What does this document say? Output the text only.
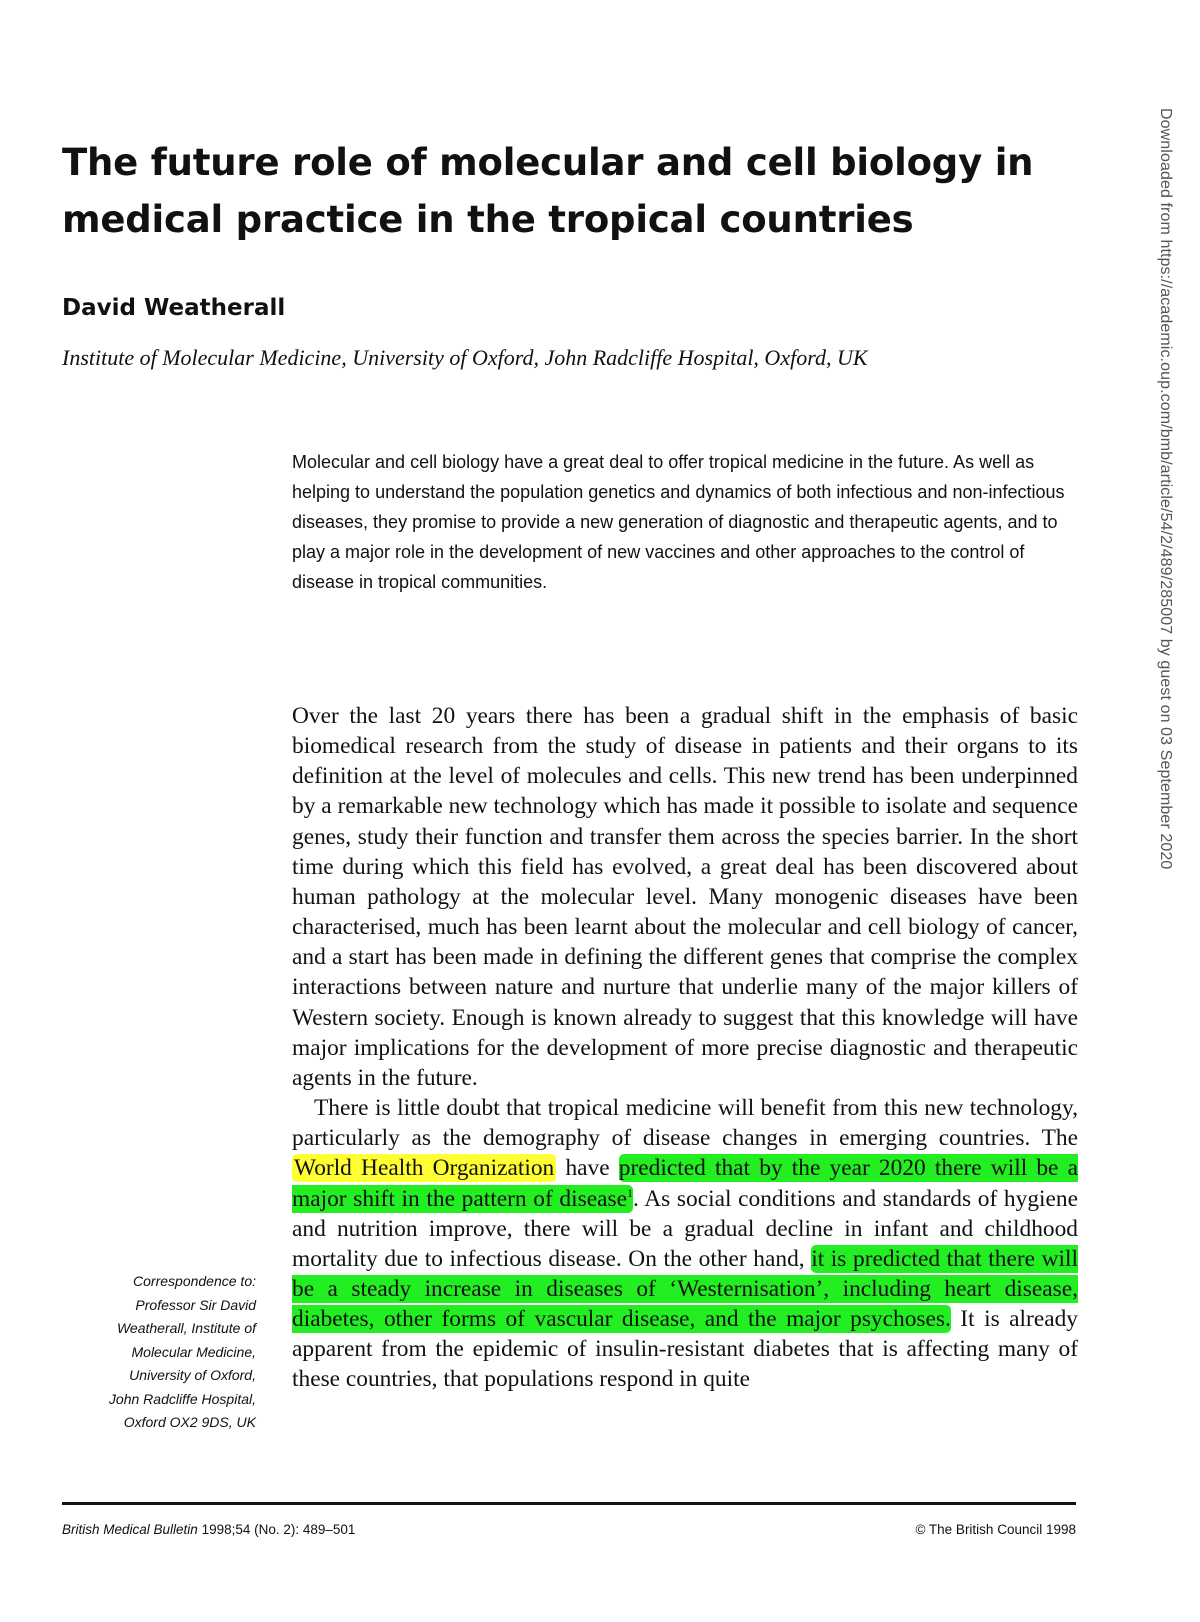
The future role of molecular and cell biology in medical practice in the tropical countries
David Weatherall
Institute of Molecular Medicine, University of Oxford, John Radcliffe Hospital, Oxford, UK

Molecular and cell biology have a great deal to offer tropical medicine in the future. As well as helping to understand the population genetics and dynamics of both infectious and non-infectious diseases, they promise to provide a new generation of diagnostic and therapeutic agents, and to play a major role in the development of new vaccines and other approaches to the control of disease in tropical communities.

Over the last 20 years there has been a gradual shift in the emphasis of basic biomedical research from the study of disease in patients and their organs to its definition at the level of molecules and cells. This new trend has been underpinned by a remarkable new technology which has made it possible to isolate and sequence genes, study their function and transfer them across the species barrier. In the short time during which this field has evolved, a great deal has been discovered about human pathology at the molecular level. Many monogenic diseases have been characterised, much has been learnt about the molecular and cell biology of cancer, and a start has been made in defining the different genes that comprise the complex interactions between nature and nurture that underlie many of the major killers of Western society. Enough is known already to suggest that this knowledge will have major implications for the development of more precise diagnostic and therapeutic agents in the future.

There is little doubt that tropical medicine will benefit from this new technology, particularly as the demography of disease changes in emerging countries. The World Health Organization have predicted that by the year 2020 there will be a major shift in the pattern of disease$^1$. As social conditions and standards of hygiene and nutrition improve, there will be a gradual decline in infant and childhood mortality due to infectious disease. On the other hand, it is predicted that there will be a steady increase in diseases of ‘Westernisation’, including heart disease, diabetes, other forms of vascular disease, and the major psychoses. It is already apparent from the epidemic of insulin-resistant diabetes that is affecting many of these countries, that populations respond in quite

Correspondence to:
Professor Sir David
Weatherall, Institute of
Molecular Medicine,
University of Oxford,
John Radcliffe Hospital,
Oxford OX2 9DS, UK
British Medical Bulletin 1998;54 (No. 2): 489–501	© The British Council 1998
Downloaded from https://academic.oup.com/bmb/article/54/2/489/285007 by guest on 03 September 2020
